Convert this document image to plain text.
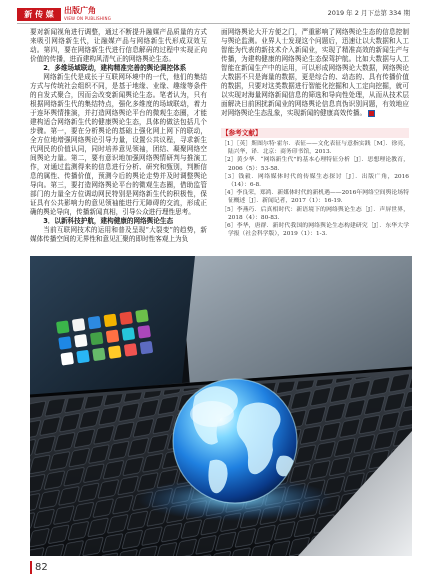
新 传 媒	出版广角
VIEW ON PUBLISHING
2019 年 2 月下总第 334 期

要对新闻视角进行调整，通过不断提升融媒产品质量的方式来吸引网络新生代，让融媒产品与网络新生代形成双效互动。第四，要在网络新生代进行信息解码的过程中实现正向价值的传播，进而建构风清气正的网络舆论生态。

2．多维场域联动，建构精准完善的舆论调控体系

网络新生代是成长于互联网环境中的一代，他们的集结方式与传统社会组织不同，是基于地缘、业缘、趣缘等条件的自发式聚合，因而会改变新闻舆论生态。笔者认为，只有根据网络新生代的集结特点，强化多维度的场域联动，着力于连环舆情推演，并打造网络舆论平台的微观生态圈，才能建构适合网络新生代的健康舆论生态，具体的做法包括几个步骤。第一，要在分析舆论的基础上强化网上网下的联动，全方位地增强网络舆论引导力量，设置公共议程，寻求新生代网民的价值认同，同时培养意见领袖，团结、凝聚网络空间舆论力量。第二，要有意识地加强网络舆情研判与推演工作，对通过监测得来的信息进行分析、研究和甄别，判断信息的属性、传播价值，预测今后的舆论走势并及时调整舆论导向。第三，要打造网络舆论平台的微观生态圈，借助监管部门的力量全方位调动网民特别是网络新生代的积极性，保证具有公共影响力的意见领袖能进行无障碍的交流，形成正确的舆论导向，传播新闻真相，引导公众进行理性思考。

3．以新科技护航，建构健康的网络舆论生态

当前互联网技术的运用和普及呈现“大裂变”的趋势，新媒体传播空间的无界性和意见汇聚的即时性客观上为负

面网络舆论大开方便之门，严重影响了网络舆论生态的信息控制与舆论监测。业界人士发现这个问题后，迅速让以大数据和人工智能为代表的新技术介入新闻业，实现了精准高效的新闻生产与传播，为建构健康的网络舆论生态保驾护航。比如大数据与人工智能在新闻生产中的运用，可以形成网络舆论大数据，网络舆论大数据不只是海量的数据，更是综合的、动态的、具有传播价值的数据，只要对这类数据进行智能化挖掘和人工定向挖掘，就可以实现对海量网络新闻信息的筛选和导向性处理，从而从技术层面解决目前困扰新闻业的网络舆论信息真伪识别问题，有效地应对网络舆论生态乱象，实现新闻的健康高效传播。

【参考文献】
［1］［英］斯图尔特·霍尔．表征——文化表征与意指实践［M］．徐亮，陆兴华，译．北京：商务印书馆，2013．
［2］黄少华．“网络新生代”的基本心理特征分析［J］．思想理论教育，2006（5）：53-58．
［3］钱毅．网络媒体时代的传媒生态探讨［J］．出版广角，2016（14）：6-8．
［4］李良荣，郑鸿．新媒体时代的新机遇——2016年网络空间舆论场特征概述［J］．新闻记者，2017（1）：16-19．
［5］李燕巧．后真相时代：新语境下的网络舆论生态［J］．声屏世界，2018（4）：80-83．
［6］李华，唐群．新时代我国的网络舆论生态构建研究［J］．东华大学学报（社会科学版），2019（1）：1-3．
82
